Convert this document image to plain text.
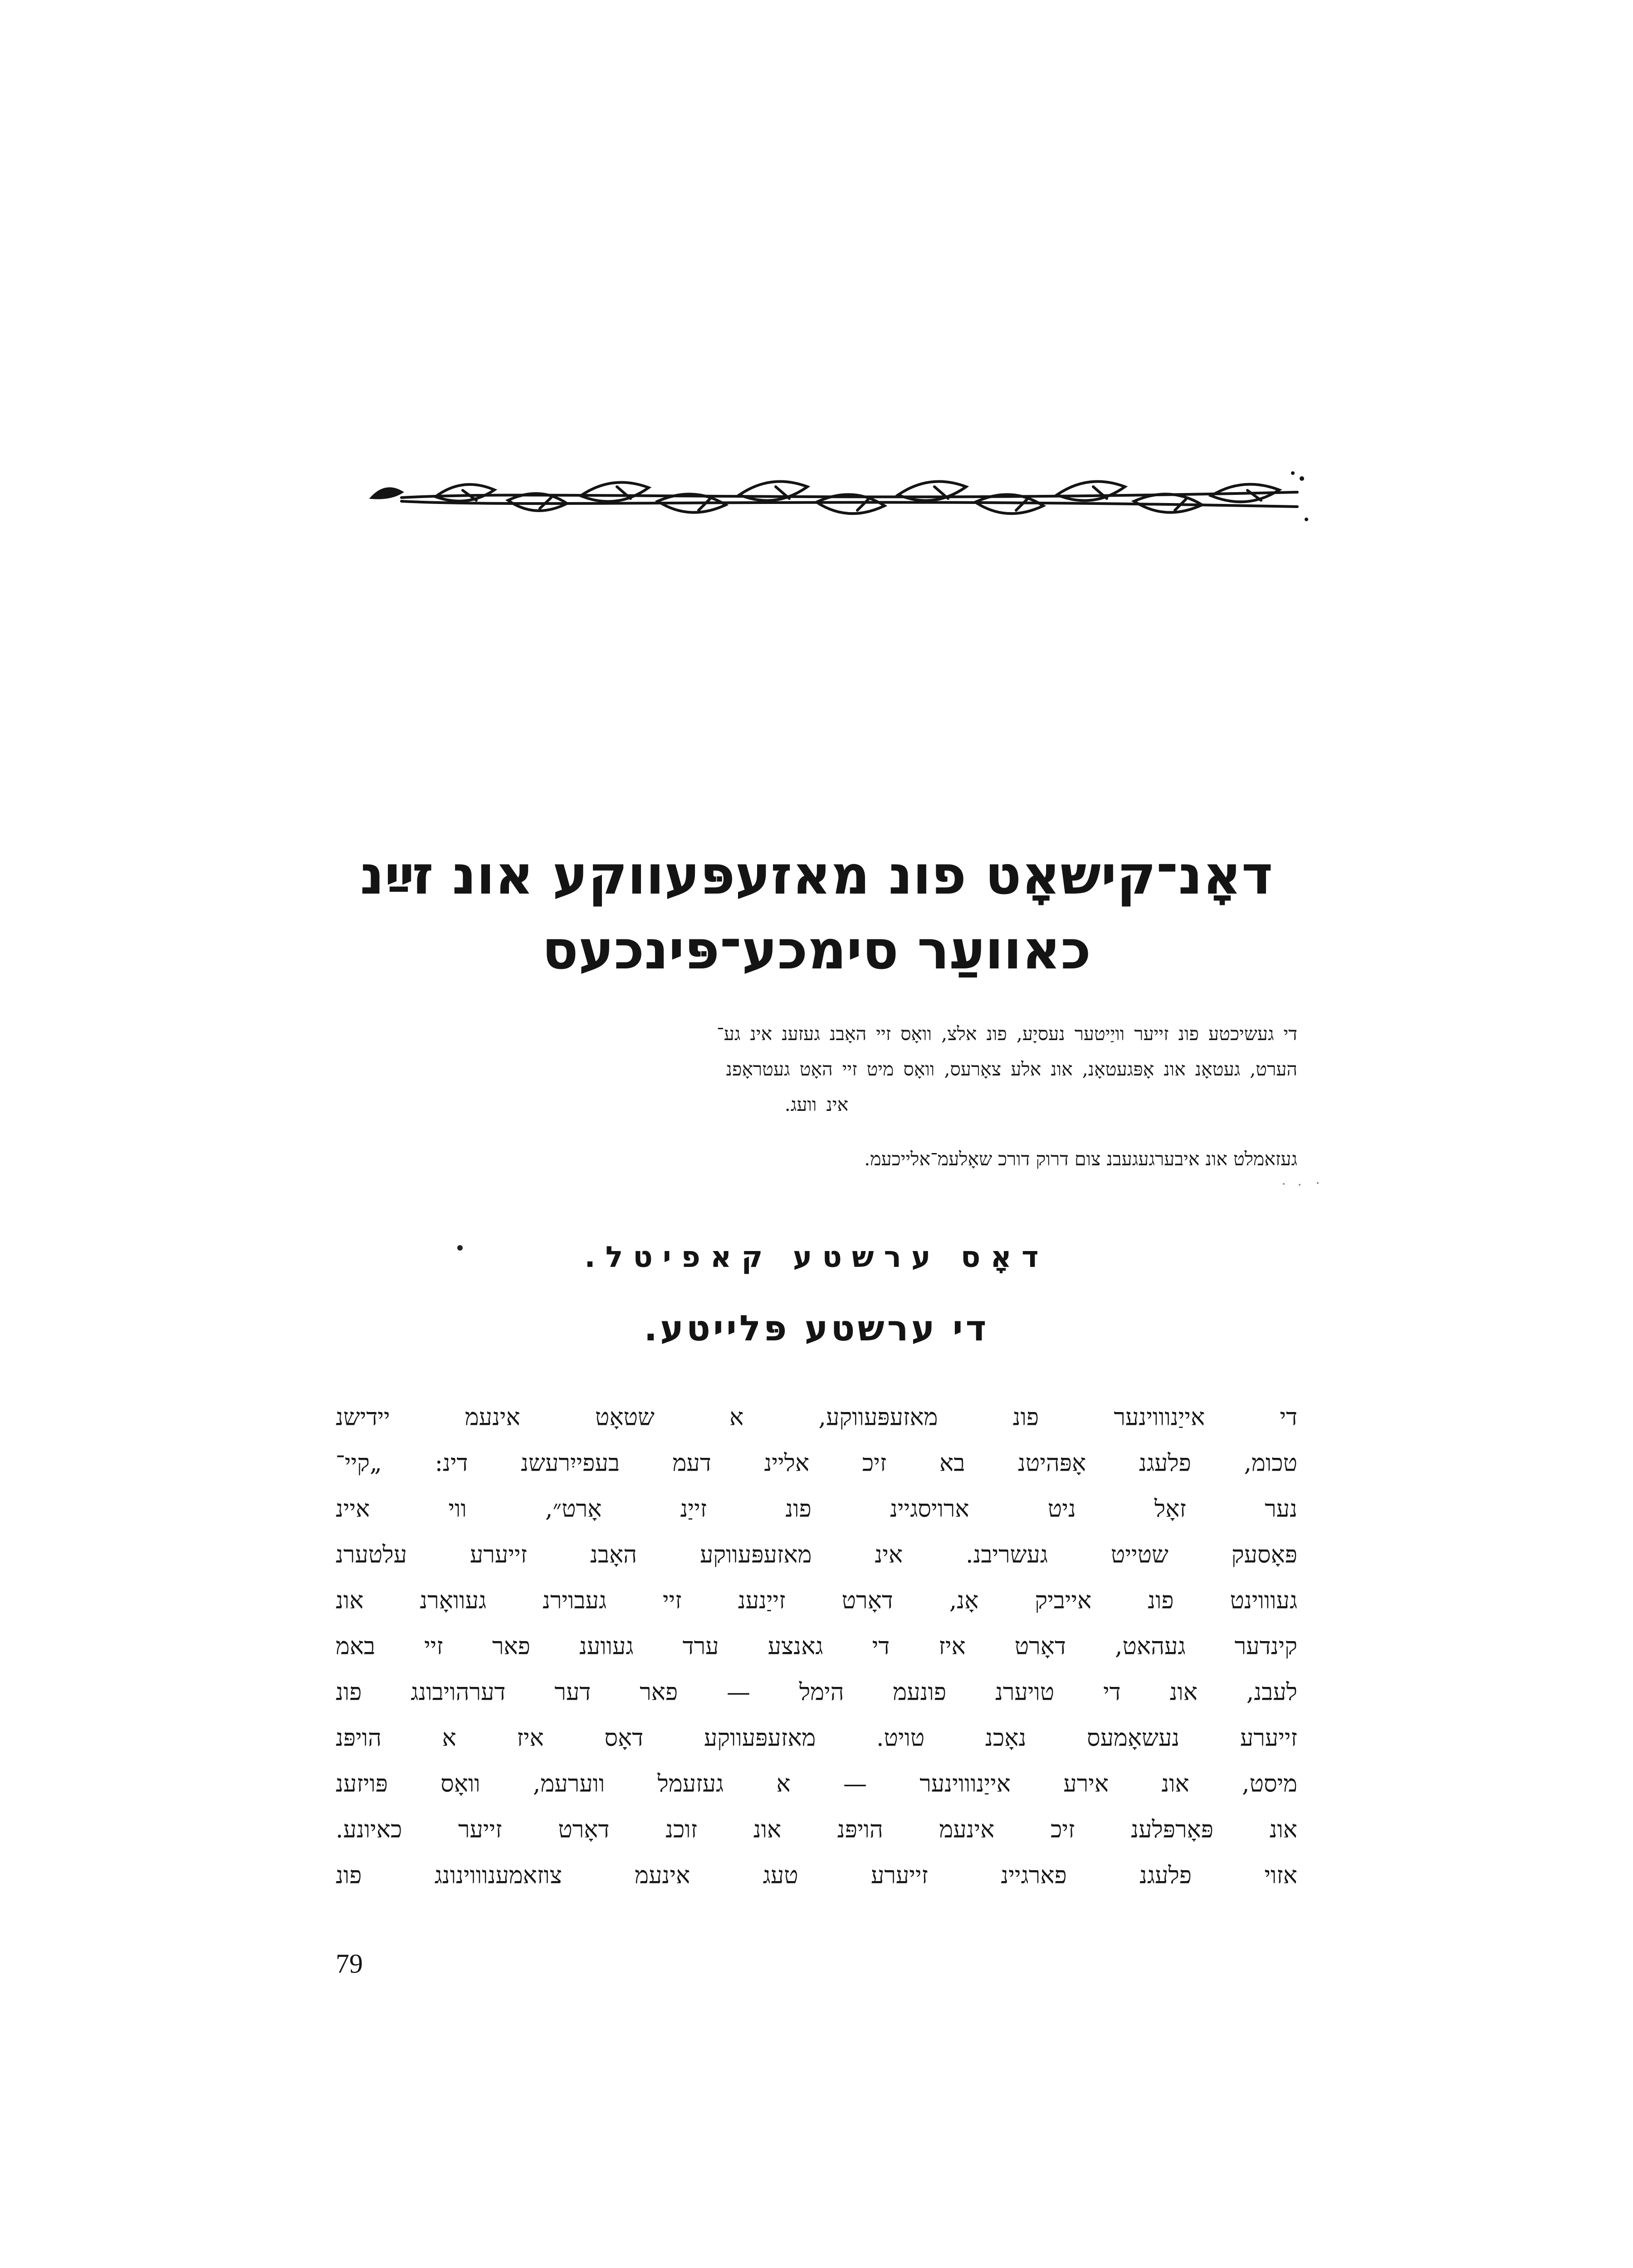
דאָנ־קישאָט פונ מאזעפּעווקע אונ זײַנ
כאוועַר סימכע־פּינכעס
די געשיכטע פונ זייער וויַיטער נעסיָע, פונ אלצ, וואָס זיי האָבנ געזענ אינ גע־
הערט, געטאָנ אונ אָפּגעטאָנ, אונ אלע צאָרעס, וואָס מיט זיי האָט געטראָפנ
אינ וועג.

געזאמלט אונ איבערגעגעבנ צום דרוק דורכ שאָלעמ־אלייכעמ.

דאָס ערשטע קאפיטל.
די ערשטע פּלייטע.
די אייַנוווינער פונ מאזעפּעווקע, א שטאָט אינעמ יידישנ
טכומ, פלעגנ אָפּהיטנ בא זיכ אליינ דעמ בעפייִרעשנ דינ: „קיי־
נער זאָל ניט ארויסגיינ פונ זייַנ אָרט״, ווי איינ
פּאָסעק שטייט געשריבנ. אינ מאזעפּעווקע האָבנ זייערע עלטערנ
געוווינט פונ אייביק אָנ, דאָרט זייַנענ זיי געבוירנ געוואָרנ אונ
קינדער געהאט, דאָרט איז די גאנצע ערד געווענ פאר זיי באמ
לעבנ, אונ די טויערנ פונעמ הימל — פאר דער דערהויבונג פונ
זייערע נעשאָמעס נאָכנ טויט. מאזעפּעווקע דאָס איז א הויפּנ
מיסט, אונ אירע אייַנוווינער — א געזעמל ווערעמ, וואָס פּויזענ
אונ פּאָרפּלענ זיכ אינעמ הויפּנ אונ זוכנ דאָרט זייער כאיונע.
אזוי פלעגנ פארגיינ זייערע טעג אינעמ צוזאמענוווינונג פונ

79
